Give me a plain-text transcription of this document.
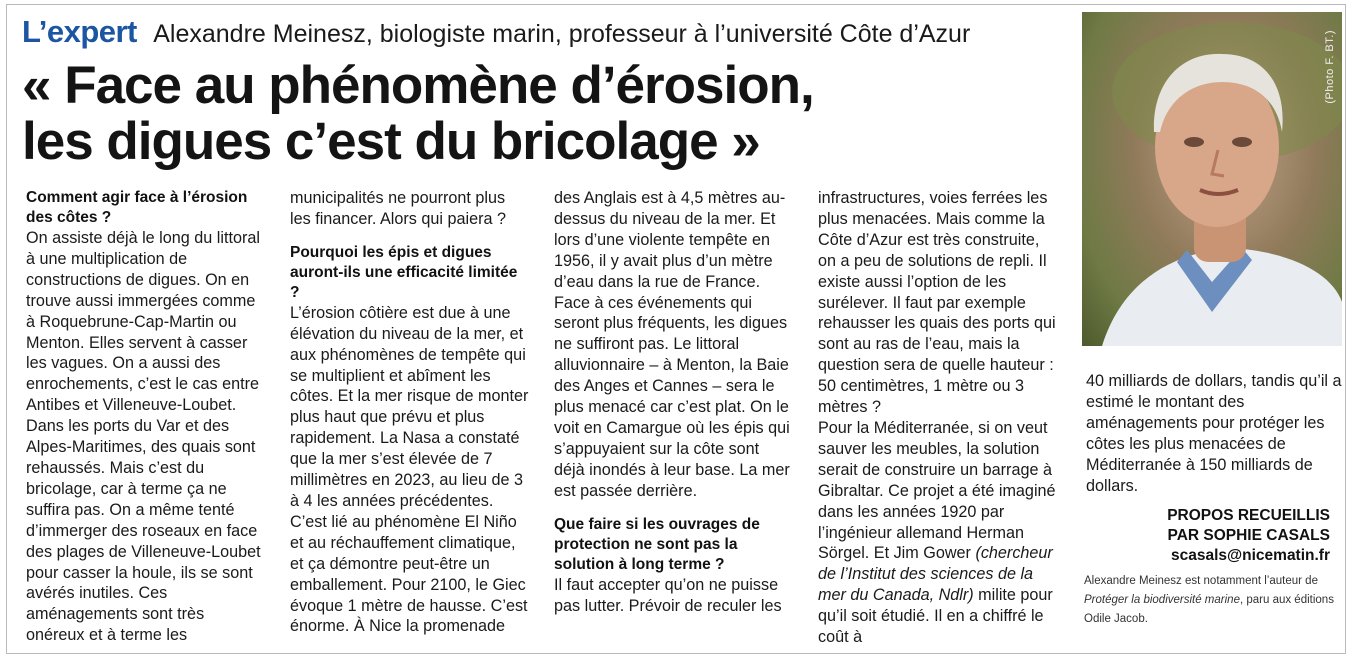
L’expert Alexandre Meinesz, biologiste marin, professeur à l’université Côte d’Azur
« Face au phénomène d’érosion,
les digues c’est du bricolage »
Comment agir face à l’érosion des côtes ?

On assiste déjà le long du littoral à une multiplication de constructions de digues. On en trouve aussi immergées comme à Roquebrune-Cap-Martin ou Menton. Elles servent à casser les vagues. On a aussi des enrochements, c’est le cas entre Antibes et Villeneuve-Loubet. Dans les ports du Var et des Alpes-Maritimes, des quais sont rehaussés. Mais c’est du bricolage, car à terme ça ne suffira pas. On a même tenté d’immerger des roseaux en face des plages de Villeneuve-Loubet pour casser la houle, ils se sont avérés inutiles. Ces aménagements sont très onéreux et à terme les

municipalités ne pourront plus les financer. Alors qui paiera ?

Pourquoi les épis et digues auront-ils une efficacité limitée ?

L’érosion côtière est due à une élévation du niveau de la mer, et aux phénomènes de tempête qui se multiplient et abîment les côtes. Et la mer risque de monter plus haut que prévu et plus rapidement. La Nasa a constaté que la mer s’est élevée de 7 millimètres en 2023, au lieu de 3 à 4 les années précédentes. C’est lié au phénomène El Niño et au réchauffement climatique, et ça démontre peut-être un emballement. Pour 2100, le Giec évoque 1 mètre de hausse. C’est énorme. À Nice la promenade

des Anglais est à 4,5 mètres au-dessus du niveau de la mer. Et lors d’une violente tempête en 1956, il y avait plus d’un mètre d’eau dans la rue de France. Face à ces événements qui seront plus fréquents, les digues ne suffiront pas. Le littoral alluvionnaire – à Menton, la Baie des Anges et Cannes – sera le plus menacé car c’est plat. On le voit en Camargue où les épis qui s’appuyaient sur la côte sont déjà inondés à leur base. La mer est passée derrière.

Que faire si les ouvrages de protection ne sont pas la solution à long terme ?

Il faut accepter qu’on ne puisse pas lutter. Prévoir de reculer les

infrastructures, voies ferrées les plus menacées. Mais comme la Côte d’Azur est très construite, on a peu de solutions de repli. Il existe aussi l’option de les surélever. Il faut par exemple rehausser les quais des ports qui sont au ras de l’eau, mais la question sera de quelle hauteur : 50 centimètres, 1 mètre ou 3 mètres ?

Pour la Méditerranée, si on veut sauver les meubles, la solution serait de construire un barrage à Gibraltar. Ce projet a été imaginé dans les années 1920 par l’ingénieur allemand Herman Sörgel. Et Jim Gower (chercheur de l’Institut des sciences de la mer du Canada, Ndlr) milite pour qu’il soit étudié. Il en a chiffré le coût à

(Photo F. BT.)

40 milliards de dollars, tandis qu’il a estimé le montant des aménagements pour protéger les côtes les plus menacées de Méditerranée à 150 milliards de dollars.

PROPOS RECUEILLIS
PAR SOPHIE CASALS
scasals@nicematin.fr
Alexandre Meinesz est notamment l’auteur de Protéger la biodiversité marine, paru aux éditions Odile Jacob.
